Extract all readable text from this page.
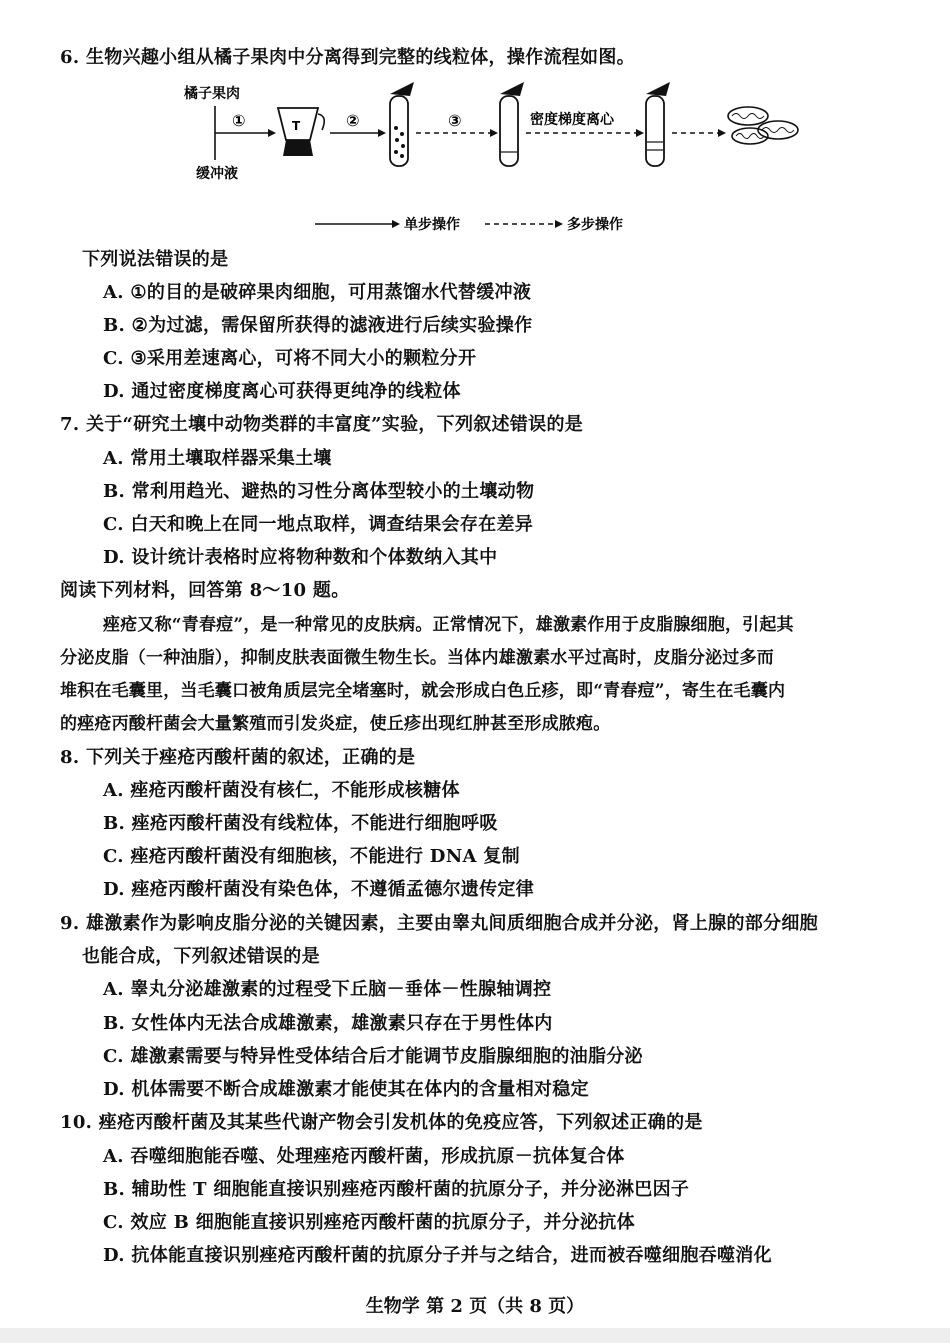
6. 生物兴趣小组从橘子果肉中分离得到完整的线粒体，操作流程如图。
橘子果肉
缓冲液
①	T	②	③	密度梯度离心
单步操作	多步操作
下列说法错误的是
A. ①的目的是破碎果肉细胞，可用蒸馏水代替缓冲液
B. ②为过滤，需保留所获得的滤液进行后续实验操作
C. ③采用差速离心，可将不同大小的颗粒分开
D. 通过密度梯度离心可获得更纯净的线粒体
7. 关于“研究土壤中动物类群的丰富度”实验，下列叙述错误的是
A. 常用土壤取样器采集土壤
B. 常利用趋光、避热的习性分离体型较小的土壤动物
C. 白天和晚上在同一地点取样，调查结果会存在差异
D. 设计统计表格时应将物种数和个体数纳入其中
阅读下列材料，回答第 8～10 题。
痤疮又称“青春痘”，是一种常见的皮肤病。正常情况下，雄激素作用于皮脂腺细胞，引起其
分泌皮脂（一种油脂），抑制皮肤表面微生物生长。当体内雄激素水平过高时，皮脂分泌过多而
堆积在毛囊里，当毛囊口被角质层完全堵塞时，就会形成白色丘疹，即“青春痘”，寄生在毛囊内
的痤疮丙酸杆菌会大量繁殖而引发炎症，使丘疹出现红肿甚至形成脓疱。
8. 下列关于痤疮丙酸杆菌的叙述，正确的是
A. 痤疮丙酸杆菌没有核仁，不能形成核糖体
B. 痤疮丙酸杆菌没有线粒体，不能进行细胞呼吸
C. 痤疮丙酸杆菌没有细胞核，不能进行 DNA 复制
D. 痤疮丙酸杆菌没有染色体，不遵循孟德尔遗传定律
9. 雄激素作为影响皮脂分泌的关键因素，主要由睾丸间质细胞合成并分泌，肾上腺的部分细胞
也能合成，下列叙述错误的是
A. 睾丸分泌雄激素的过程受下丘脑－垂体－性腺轴调控
B. 女性体内无法合成雄激素，雄激素只存在于男性体内
C. 雄激素需要与特异性受体结合后才能调节皮脂腺细胞的油脂分泌
D. 机体需要不断合成雄激素才能使其在体内的含量相对稳定
10. 痤疮丙酸杆菌及其某些代谢产物会引发机体的免疫应答，下列叙述正确的是
A. 吞噬细胞能吞噬、处理痤疮丙酸杆菌，形成抗原－抗体复合体
B. 辅助性 T 细胞能直接识别痤疮丙酸杆菌的抗原分子，并分泌淋巴因子
C. 效应 B 细胞能直接识别痤疮丙酸杆菌的抗原分子，并分泌抗体
D. 抗体能直接识别痤疮丙酸杆菌的抗原分子并与之结合，进而被吞噬细胞吞噬消化
生物学 第 2 页（共 8 页）
